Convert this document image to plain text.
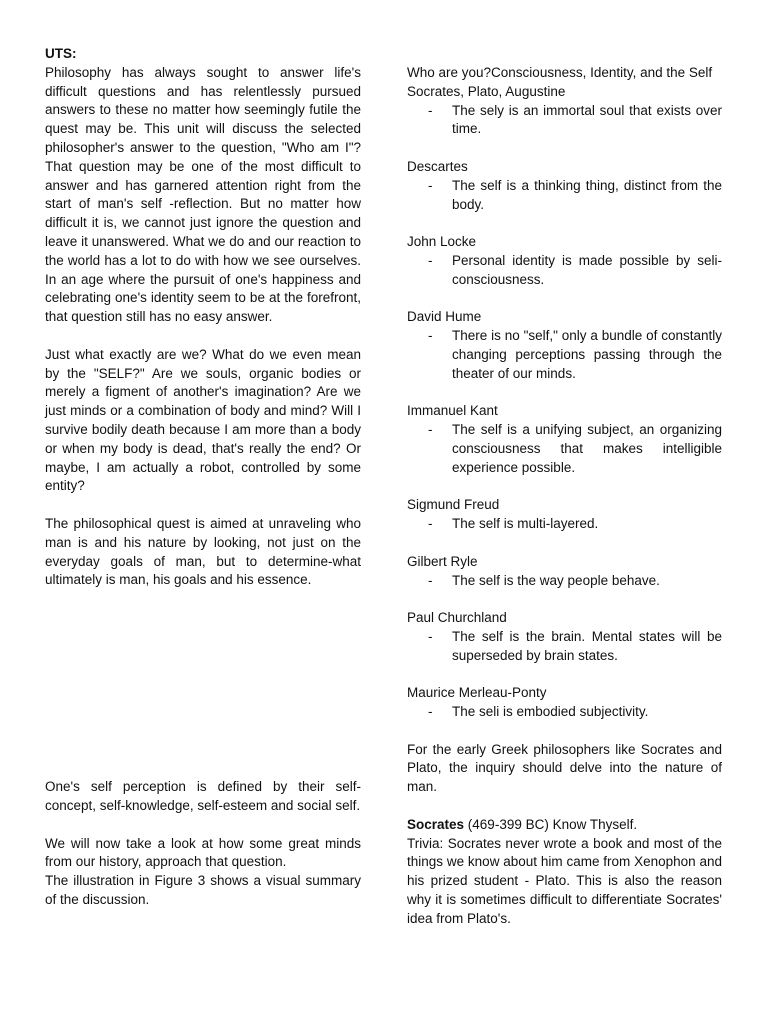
UTS:

Philosophy has always sought to answer life's difficult questions and has relentlessly pursued answers to these no matter how seemingly futile the quest may be. This unit will discuss the selected philosopher's answer to the question, "Who am I"? That question may be one of the most difficult to answer and has garnered attention right from the start of man's self -reflection. But no matter how difficult it is, we cannot just ignore the question and leave it unanswered. What we do and our reaction to the world has a lot to do with how we see ourselves. In an age where the pursuit of one's happiness and celebrating one's identity seem to be at the forefront, that question still has no easy answer.

Just what exactly are we? What do we even mean by the "SELF?" Are we souls, organic bodies or merely a figment of another's imagination? Are we just minds or a combination of body and mind? Will I survive bodily death because I am more than a body or when my body is dead, that's really the end? Or maybe, I am actually a robot, controlled by some entity?

The philosophical quest is aimed at unraveling who man is and his nature by looking, not just on the everyday goals of man, but to determine-what ultimately is man, his goals and his essence.

One's self perception is defined by their self-concept, self-knowledge, self-esteem and social self.

We will now take a look at how some great minds from our history, approach that question.

The illustration in Figure 3 shows a visual summary of the discussion.

Who are you?Consciousness, Identity, and the Self

Socrates, Plato, Augustine

-	The sely is an immortal soul that exists over time.

Descartes

-	The self is a thinking thing, distinct from the body.

John Locke

-	Personal identity is made possible by seli-consciousness.

David Hume

-	There is no "self," only a bundle of constantly changing perceptions passing through the theater of our minds.

Immanuel Kant

-	The self is a unifying subject, an organizing consciousness that makes intelligible experience possible.

Sigmund Freud

-	The self is multi-layered.

Gilbert Ryle

-	The self is the way people behave.

Paul Churchland

-	The self is the brain. Mental states will be superseded by brain states.

Maurice Merleau-Ponty

-	The seli is embodied subjectivity.

For the early Greek philosophers like Socrates and Plato, the inquiry should delve into the nature of man.

Socrates (469-399 BC) Know Thyself.

Trivia: Socrates never wrote a book and most of the things we know about him came from Xenophon and his prized student - Plato. This is also the reason why it is sometimes difficult to differentiate Socrates' idea from Plato's.
